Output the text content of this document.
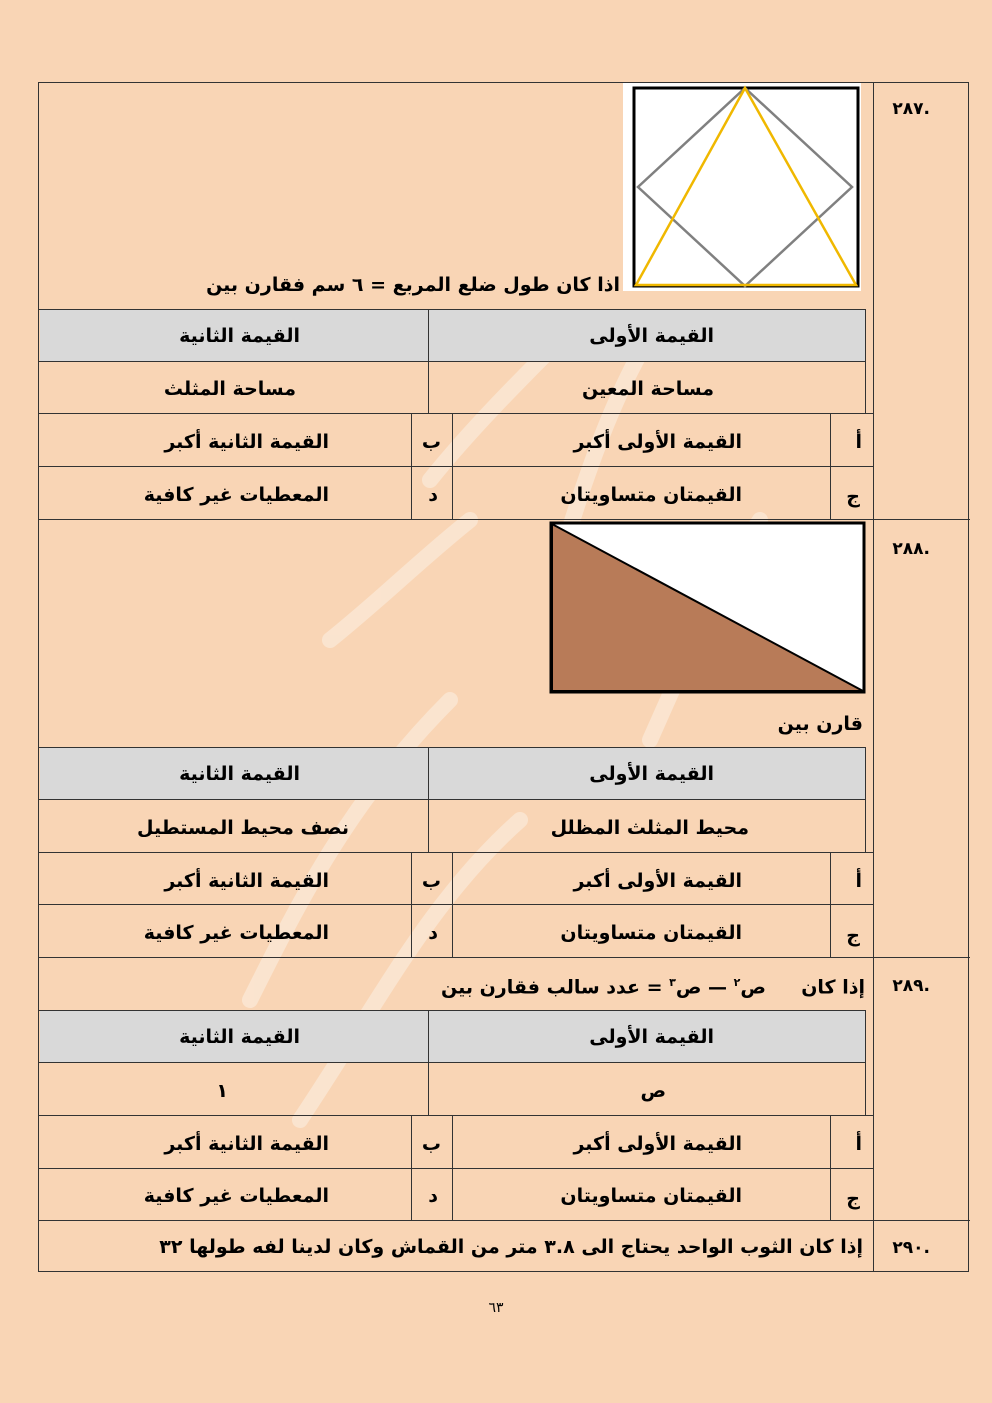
.٢٨٧
اذا كان طول ضلع المربع = ٦ سم فقارن بين
القيمة الأولى
القيمة الثانية
مساحة المعين
مساحة المثلث
أ
القيمة الأولى أكبر
ب
القيمة الثانية أكبر
ج
القيمتان متساويتان
د
المعطيات غير كافية
.٢٨٨
قارن بين
القيمة الأولى
القيمة الثانية
محيط المثلث المظلل
نصف محيط المستطيل
أ
القيمة الأولى أكبر
ب
القيمة الثانية أكبر
ج
القيمتان متساويتان
د
المعطيات غير كافية
.٢٨٩
إذا كان  ص$^٢$ — ص$^٣$ = عدد سالب فقارن بين
القيمة الأولى
القيمة الثانية
ص
١
أ
القيمة الأولى أكبر
ب
القيمة الثانية أكبر
ج
القيمتان متساويتان
د
المعطيات غير كافية
.٢٩٠
إذا كان الثوب الواحد يحتاج الى ٣.٨ متر من القماش وكان لدينا لفه طولها ٣٢
٦٣
